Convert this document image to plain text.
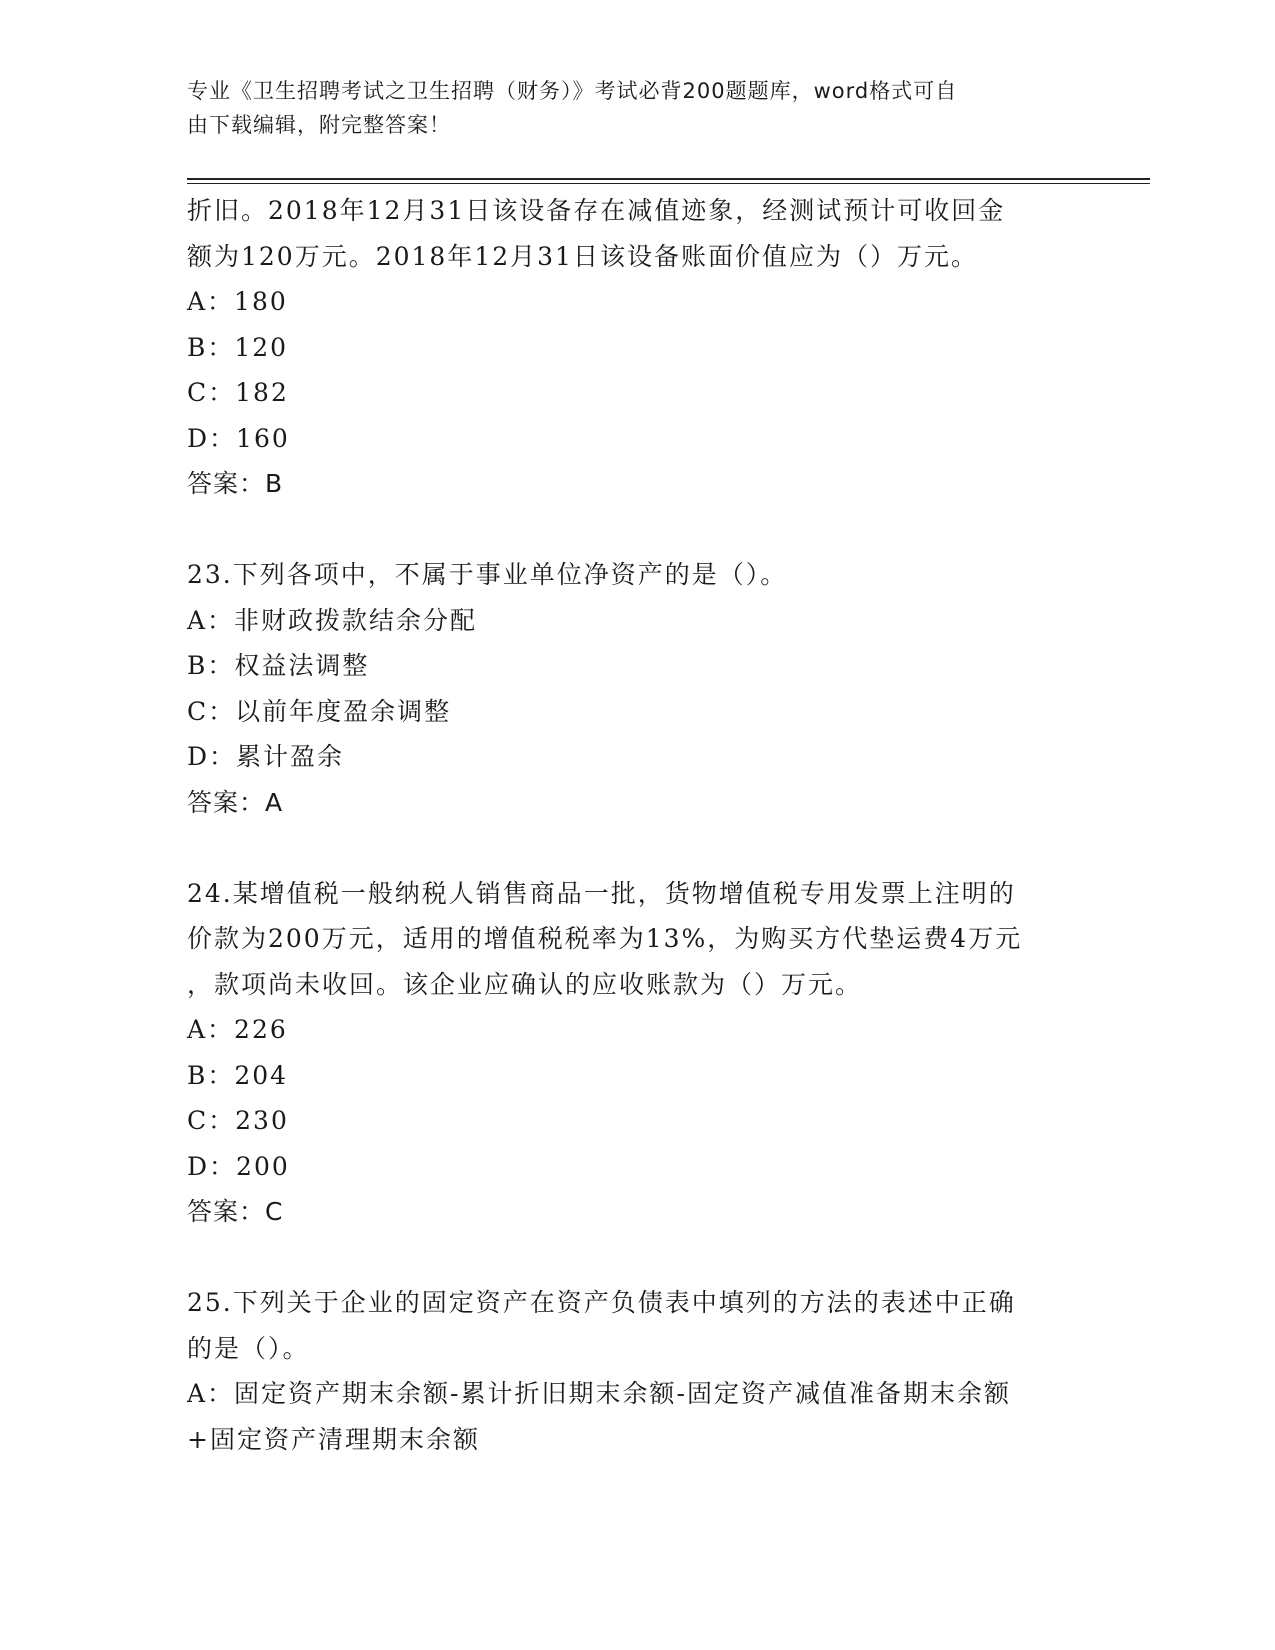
专业《卫生招聘考试之卫生招聘（财务）》考试必背200题题库，word格式可自
由下载编辑，附完整答案！
折旧。2018年12月31日该设备存在减值迹象，经测试预计可收回金
额为120万元。2018年12月31日该设备账面价值应为（）万元。
A：180
B：120
C：182
D：160
答案：B
23.下列各项中，不属于事业单位净资产的是（）。
A：非财政拨款结余分配
B：权益法调整
C：以前年度盈余调整
D：累计盈余
答案：A
24.某增值税一般纳税人销售商品一批，货物增值税专用发票上注明的
价款为200万元，适用的增值税税率为13%，为购买方代垫运费4万元
，款项尚未收回。该企业应确认的应收账款为（）万元。
A：226
B：204
C：230
D：200
答案：C
25.下列关于企业的固定资产在资产负债表中填列的方法的表述中正确
的是（）。
A：固定资产期末余额-累计折旧期末余额-固定资产减值准备期末余额
+固定资产清理期末余额
